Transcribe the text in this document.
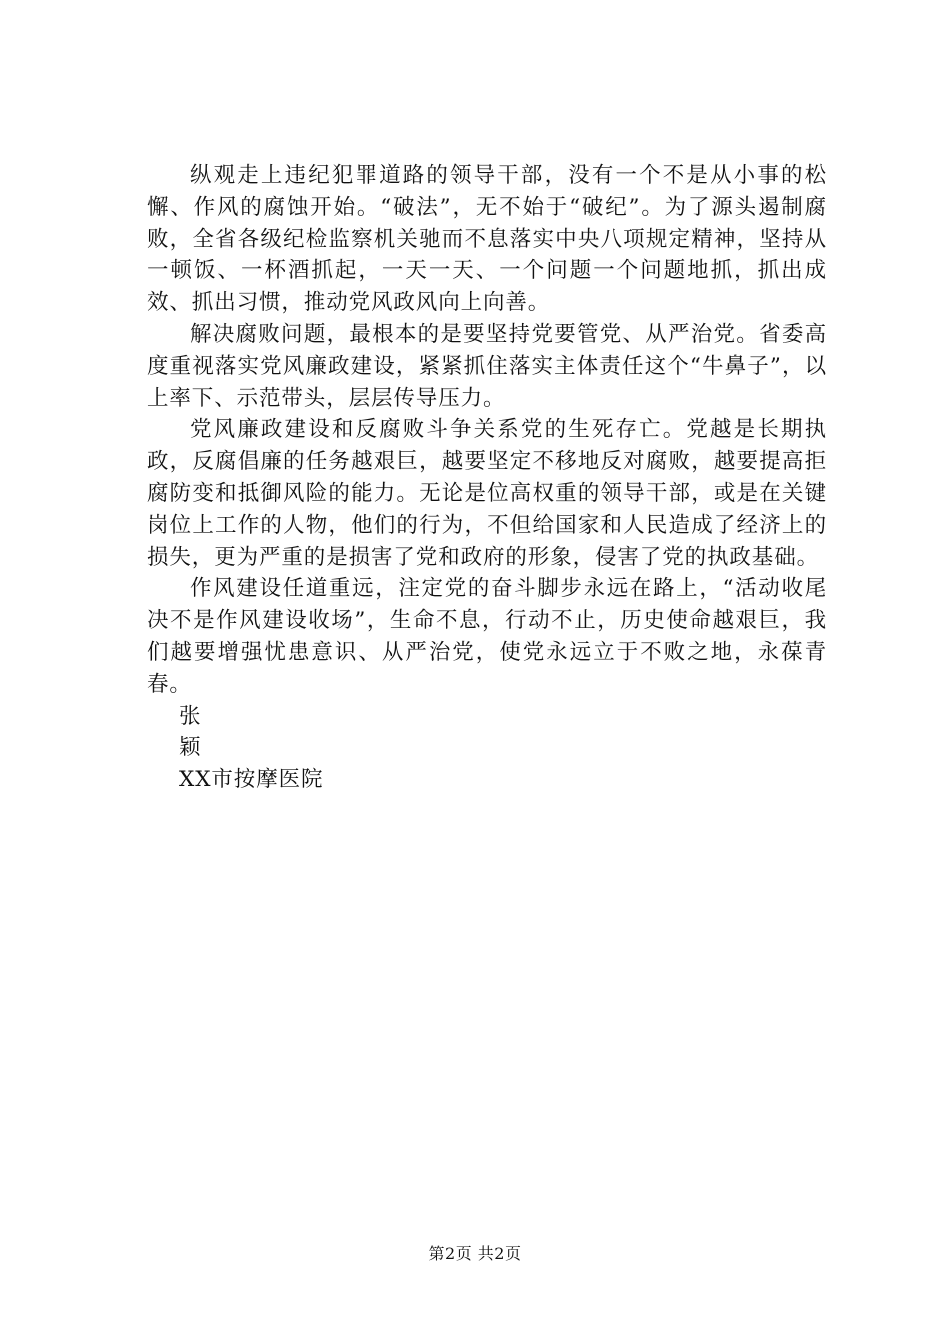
纵观走上违纪犯罪道路的领导干部，没有一个不是从小事的松懈、作风的腐蚀开始。“破法”，无不始于“破纪”。为了源头遏制腐败，全省各级纪检监察机关驰而不息落实中央八项规定精神，坚持从一顿饭、一杯酒抓起，一天一天、一个问题一个问题地抓，抓出成效、抓出习惯，推动党风政风向上向善。

解决腐败问题，最根本的是要坚持党要管党、从严治党。省委高度重视落实党风廉政建设，紧紧抓住落实主体责任这个“牛鼻子”，以上率下、示范带头，层层传导压力。

党风廉政建设和反腐败斗争关系党的生死存亡。党越是长期执政，反腐倡廉的任务越艰巨，越要坚定不移地反对腐败，越要提高拒腐防变和抵御风险的能力。无论是位高权重的领导干部，或是在关键岗位上工作的人物，他们的行为，不但给国家和人民造成了经济上的损失，更为严重的是损害了党和政府的形象，侵害了党的执政基础。

作风建设任道重远，注定党的奋斗脚步永远在路上，“活动收尾决不是作风建设收场”，生命不息，行动不止，历史使命越艰巨，我们越要增强忧患意识、从严治党，使党永远立于不败之地，永葆青春。

张
颖
XX市按摩医院
第2页 共2页
